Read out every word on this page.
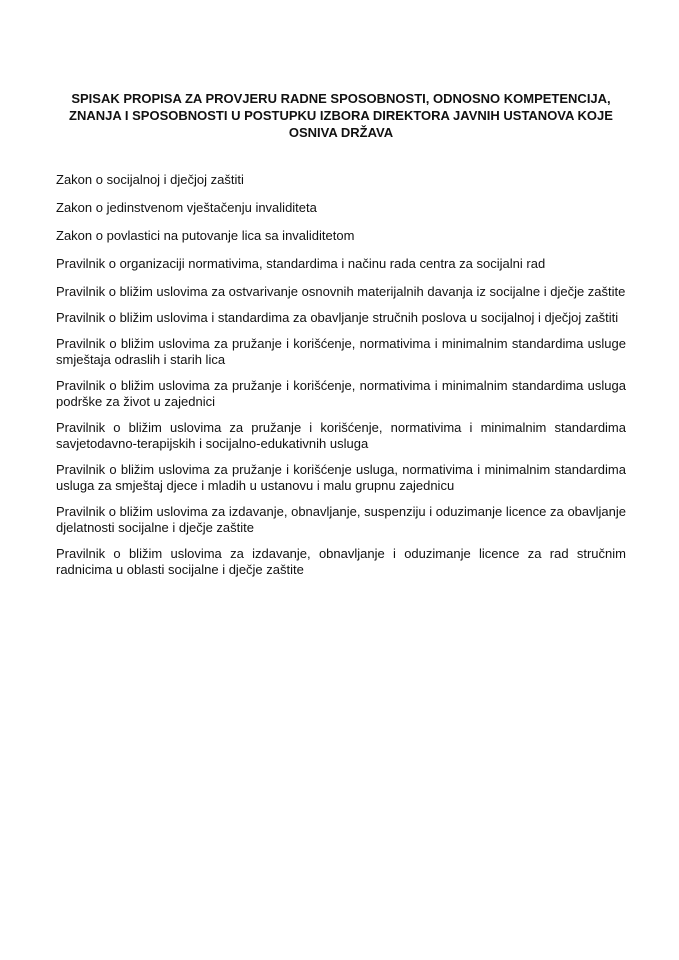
SPISAK PROPISA ZA PROVJERU RADNE SPOSOBNOSTI, ODNOSNO KOMPETENCIJA, ZNANJA I SPOSOBNOSTI U POSTUPKU IZBORA DIREKTORA JAVNIH USTANOVA KOJE OSNIVA DRŽAVA
Zakon o socijalnoj i dječjoj zaštiti
Zakon o jedinstvenom vještačenju invaliditeta
Zakon o povlastici na putovanje lica sa invaliditetom
Pravilnik o organizaciji normativima, standardima i načinu rada centra za socijalni rad
Pravilnik o bližim uslovima za ostvarivanje osnovnih materijalnih davanja iz socijalne i dječje zaštite
Pravilnik o bližim uslovima i standardima za obavljanje stručnih poslova u socijalnoj i dječjoj zaštiti
Pravilnik o bližim uslovima za pružanje i korišćenje, normativima i minimalnim standardima usluge smještaja odraslih i starih lica
Pravilnik o bližim uslovima za pružanje i korišćenje, normativima i minimalnim standardima usluga podrške za život u zajednici
Pravilnik o bližim uslovima za pružanje i korišćenje, normativima i minimalnim standardima savjetodavno-terapijskih i socijalno-edukativnih usluga
Pravilnik o bližim uslovima za pružanje i korišćenje usluga, normativima i minimalnim standardima usluga za smještaj djece i mladih u ustanovu i malu grupnu zajednicu
Pravilnik o bližim uslovima za izdavanje, obnavljanje, suspenziju i oduzimanje licence za obavljanje djelatnosti socijalne i dječje zaštite
Pravilnik o bližim uslovima za izdavanje, obnavljanje i oduzimanje licence za rad stručnim radnicima u oblasti socijalne i dječje zaštite
